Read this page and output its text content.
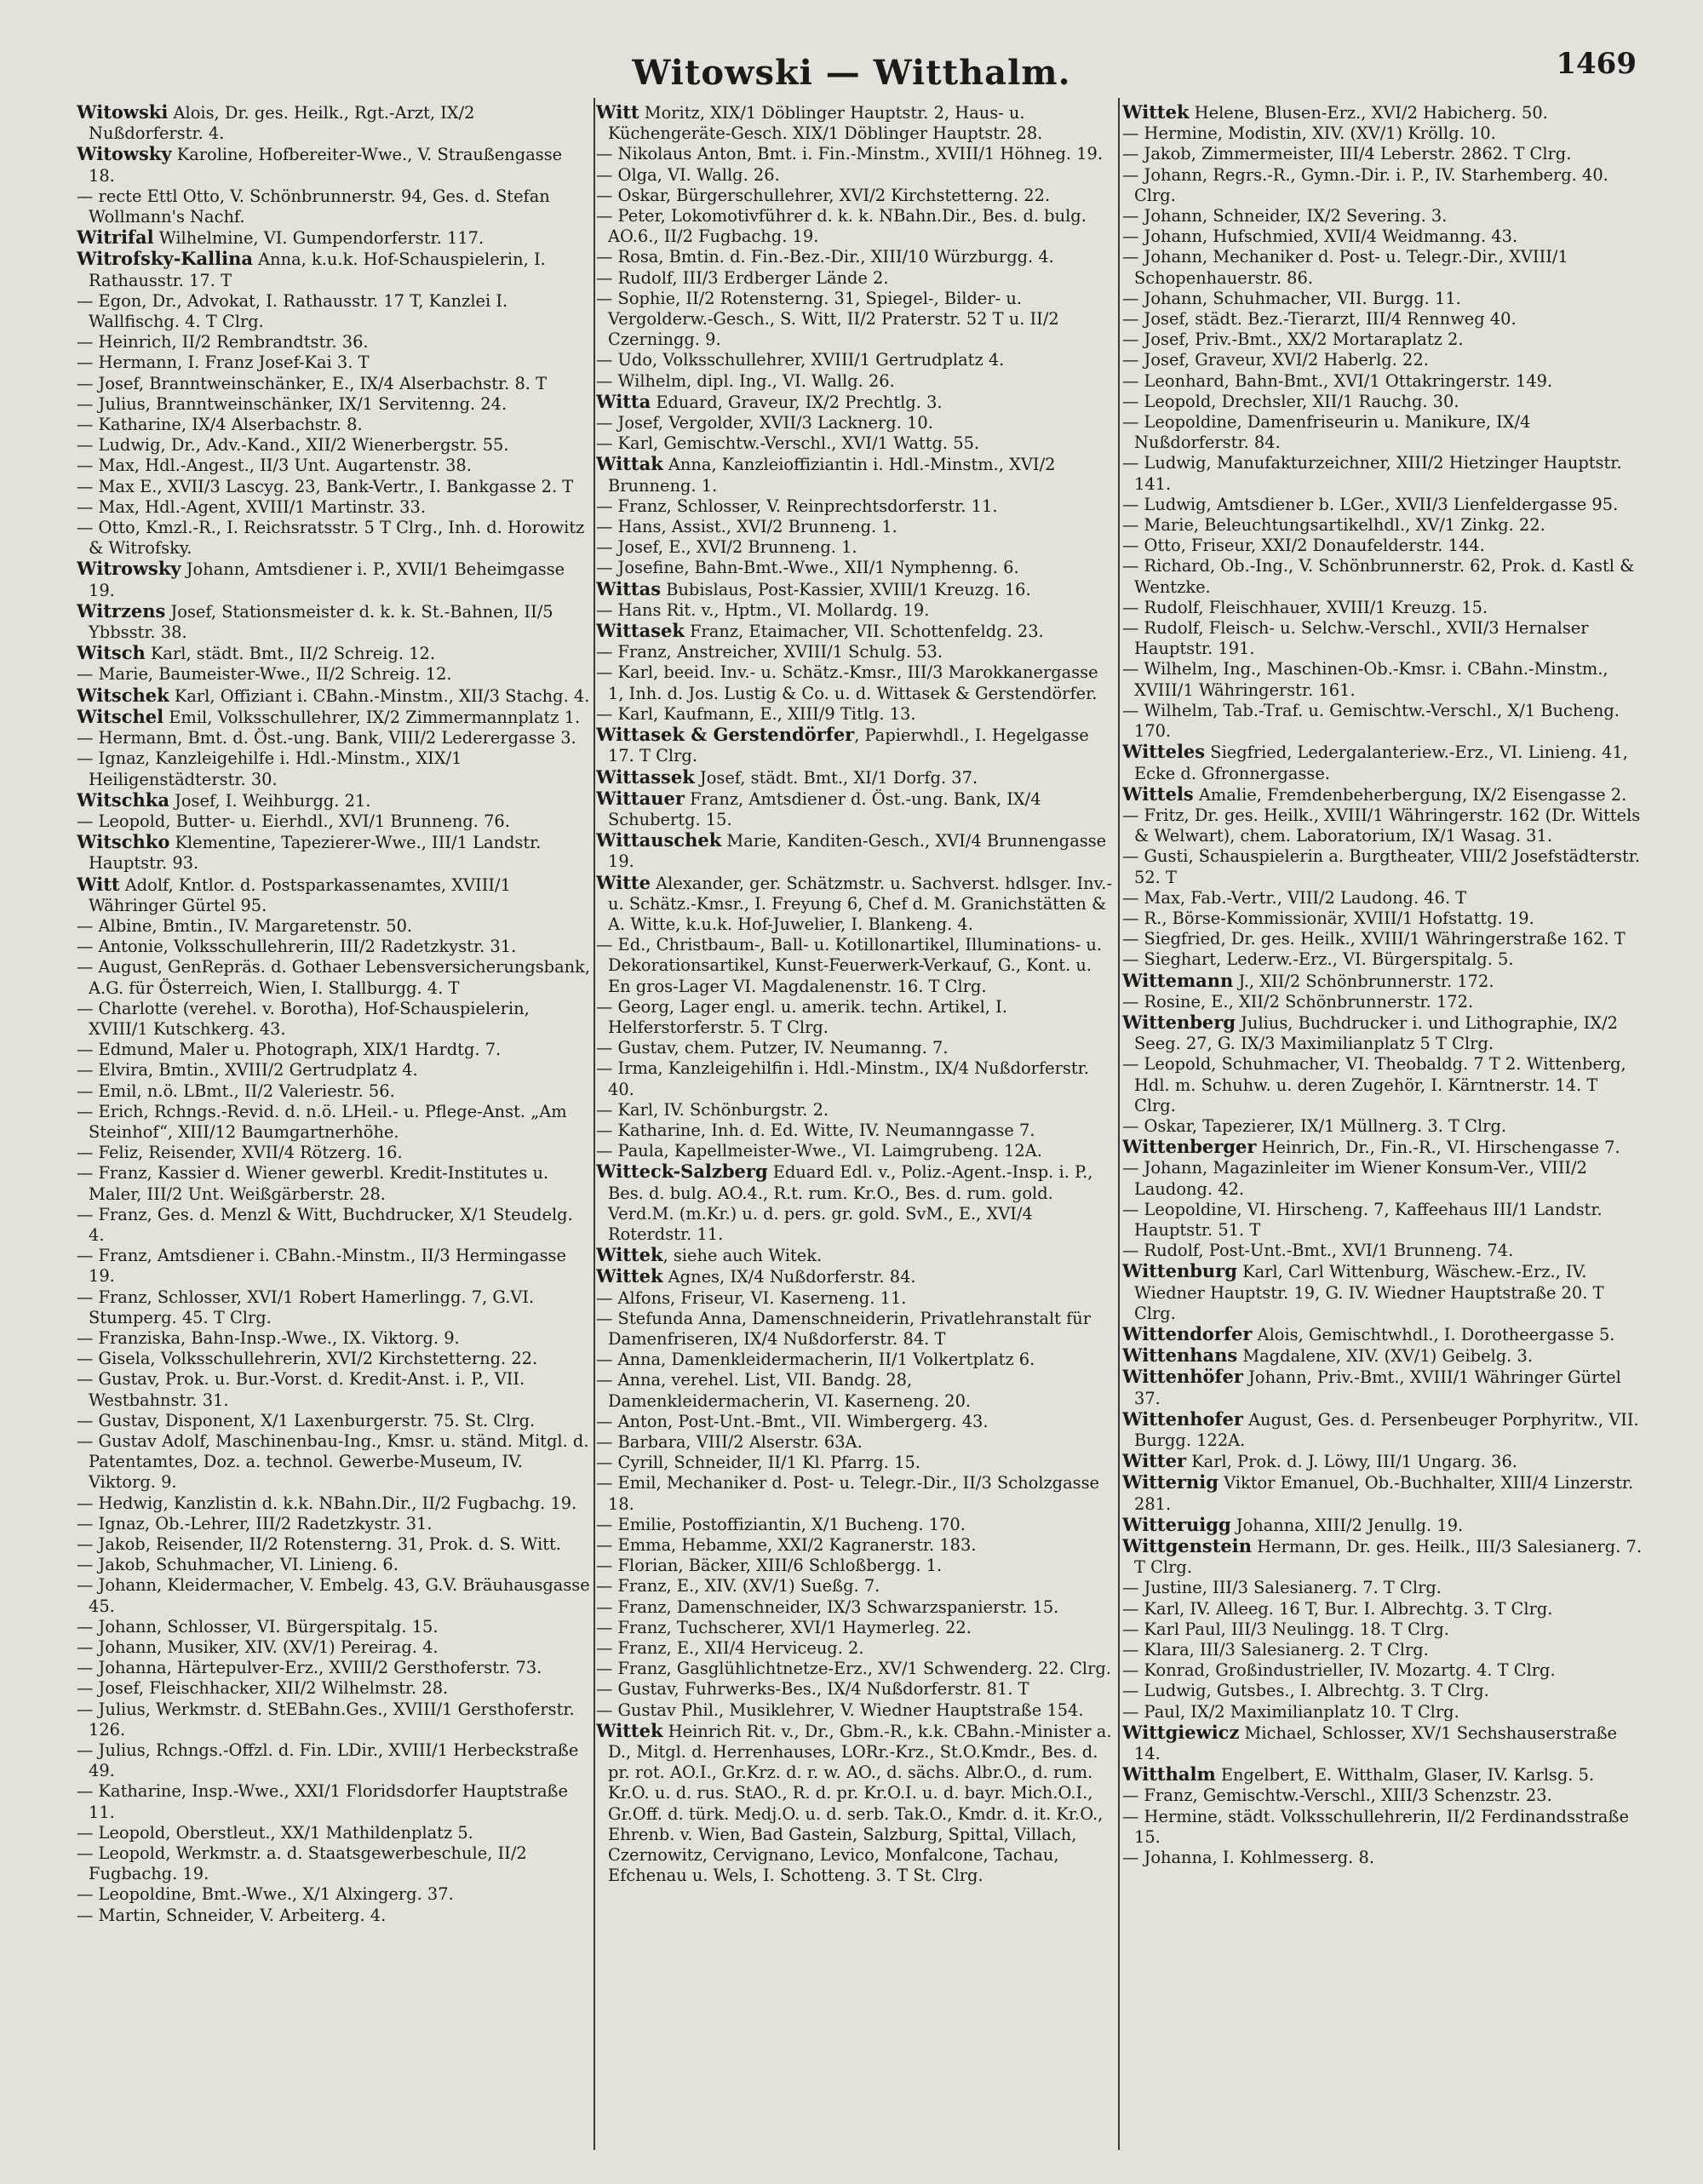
Witowski — Witthalm.	1469
Witowski Alois, Dr. ges. Heilk., Rgt.-Arzt, IX/2 Nußdorferstr. 4.
Witowsky Karoline, Hofbereiter-Wwe., V. Straußengasse 18.
— recte Ettl Otto, V. Schönbrunnerstr. 94, Ges. d. Stefan Wollmann's Nachf.
Witrifal Wilhelmine, VI. Gumpendorferstr. 117.
Witrofsky-Kallina Anna, k.u.k. Hof-Schauspielerin, I. Rathausstr. 17. T
— Egon, Dr., Advokat, I. Rathausstr. 17 T, Kanzlei I. Wallfischg. 4. T Clrg.
— Heinrich, II/2 Rembrandtstr. 36.
— Hermann, I. Franz Josef-Kai 3. T
— Josef, Branntweinschänker, E., IX/4 Alserbachstr. 8. T
— Julius, Branntweinschänker, IX/1 Servitenng. 24.
— Katharine, IX/4 Alserbachstr. 8.
— Ludwig, Dr., Adv.-Kand., XII/2 Wienerbergstr. 55.
— Max, Hdl.-Angest., II/3 Unt. Augartenstr. 38.
— Max E., XVII/3 Lascyg. 23, Bank-Vertr., I. Bankgasse 2. T
— Max, Hdl.-Agent, XVIII/1 Martinstr. 33.
— Otto, Kmzl.-R., I. Reichsratsstr. 5 T Clrg., Inh. d. Horowitz & Witrofsky.
Witrowsky Johann, Amtsdiener i. P., XVII/1 Beheimgasse 19.
Witrzens Josef, Stationsmeister d. k. k. St.-Bahnen, II/5 Ybbsstr. 38.
Witsch Karl, städt. Bmt., II/2 Schreig. 12.
— Marie, Baumeister-Wwe., II/2 Schreig. 12.
Witschek Karl, Offiziant i. CBahn.-Minstm., XII/3 Stachg. 4.
Witschel Emil, Volksschullehrer, IX/2 Zimmermannplatz 1.
— Hermann, Bmt. d. Öst.-ung. Bank, VIII/2 Lederergasse 3.
— Ignaz, Kanzleigehilfe i. Hdl.-Minstm., XIX/1 Heiligenstädterstr. 30.
Witschka Josef, I. Weihburgg. 21.
— Leopold, Butter- u. Eierhdl., XVI/1 Brunneng. 76.
Witschko Klementine, Tapezierer-Wwe., III/1 Landstr. Hauptstr. 93.
Witt Adolf, Kntlor. d. Postsparkassenamtes, XVIII/1 Währinger Gürtel 95.
— Albine, Bmtin., IV. Margaretenstr. 50.
— Antonie, Volksschullehrerin, III/2 Radetzkystr. 31.
— August, GenRepräs. d. Gothaer Lebensversicherungsbank, A.G. für Österreich, Wien, I. Stallburgg. 4. T
— Charlotte (verehel. v. Borotha), Hof-Schauspielerin, XVIII/1 Kutschkerg. 43.
— Edmund, Maler u. Photograph, XIX/1 Hardtg. 7.
— Elvira, Bmtin., XVIII/2 Gertrudplatz 4.
— Emil, n.ö. LBmt., II/2 Valeriestr. 56.
— Erich, Rchngs.-Revid. d. n.ö. LHeil.- u. Pflege-Anst. „Am Steinhof“, XIII/12 Baumgartnerhöhe.
— Feliz, Reisender, XVII/4 Rötzerg. 16.
— Franz, Kassier d. Wiener gewerbl. Kredit-Institutes u. Maler, III/2 Unt. Weißgärberstr. 28.
— Franz, Ges. d. Menzl & Witt, Buchdrucker, X/1 Steudelg. 4.
— Franz, Amtsdiener i. CBahn.-Minstm., II/3 Hermingasse 19.
— Franz, Schlosser, XVI/1 Robert Hamerlingg. 7, G.VI. Stumperg. 45. T Clrg.
— Franziska, Bahn-Insp.-Wwe., IX. Viktorg. 9.
— Gisela, Volksschullehrerin, XVI/2 Kirchstetterng. 22.
— Gustav, Prok. u. Bur.-Vorst. d. Kredit-Anst. i. P., VII. Westbahnstr. 31.
— Gustav, Disponent, X/1 Laxenburgerstr. 75. St. Clrg.
— Gustav Adolf, Maschinenbau-Ing., Kmsr. u. ständ. Mitgl. d. Patentamtes, Doz. a. technol. Gewerbe-Museum, IV. Viktorg. 9.
— Hedwig, Kanzlistin d. k.k. NBahn.Dir., II/2 Fugbachg. 19.
— Ignaz, Ob.-Lehrer, III/2 Radetzkystr. 31.
— Jakob, Reisender, II/2 Rotensterng. 31, Prok. d. S. Witt.
— Jakob, Schuhmacher, VI. Linieng. 6.
— Johann, Kleidermacher, V. Embelg. 43, G.V. Bräuhausgasse 45.
— Johann, Schlosser, VI. Bürgerspitalg. 15.
— Johann, Musiker, XIV. (XV/1) Pereirag. 4.
— Johanna, Härtepulver-Erz., XVIII/2 Gersthoferstr. 73.
— Josef, Fleischhacker, XII/2 Wilhelmstr. 28.
— Julius, Werkmstr. d. StEBahn.Ges., XVIII/1 Gersthoferstr. 126.
— Julius, Rchngs.-Offzl. d. Fin. LDir., XVIII/1 Herbeckstraße 49.
— Katharine, Insp.-Wwe., XXI/1 Floridsdorfer Hauptstraße 11.
— Leopold, Oberstleut., XX/1 Mathildenplatz 5.
— Leopold, Werkmstr. a. d. Staatsgewerbeschule, II/2 Fugbachg. 19.
— Leopoldine, Bmt.-Wwe., X/1 Alxingerg. 37.
— Martin, Schneider, V. Arbeiterg. 4.
Witt Moritz, XIX/1 Döblinger Hauptstr. 2, Haus- u. Küchengeräte-Gesch. XIX/1 Döblinger Hauptstr. 28.
— Nikolaus Anton, Bmt. i. Fin.-Minstm., XVIII/1 Höhneg. 19.
— Olga, VI. Wallg. 26.
— Oskar, Bürgerschullehrer, XVI/2 Kirchstetterng. 22.
— Peter, Lokomotivführer d. k. k. NBahn.Dir., Bes. d. bulg. AO.6., II/2 Fugbachg. 19.
— Rosa, Bmtin. d. Fin.-Bez.-Dir., XIII/10 Würzburgg. 4.
— Rudolf, III/3 Erdberger Lände 2.
— Sophie, II/2 Rotensterng. 31, Spiegel-, Bilder- u. Vergolderw.-Gesch., S. Witt, II/2 Praterstr. 52 T u. II/2 Czerningg. 9.
— Udo, Volksschullehrer, XVIII/1 Gertrudplatz 4.
— Wilhelm, dipl. Ing., VI. Wallg. 26.
Witta Eduard, Graveur, IX/2 Prechtlg. 3.
— Josef, Vergolder, XVII/3 Lacknerg. 10.
— Karl, Gemischtw.-Verschl., XVI/1 Wattg. 55.
Wittak Anna, Kanzleioffiziantin i. Hdl.-Minstm., XVI/2 Brunneng. 1.
— Franz, Schlosser, V. Reinprechtsdorferstr. 11.
— Hans, Assist., XVI/2 Brunneng. 1.
— Josef, E., XVI/2 Brunneng. 1.
— Josefine, Bahn-Bmt.-Wwe., XII/1 Nymphenng. 6.
Wittas Bubislaus, Post-Kassier, XVIII/1 Kreuzg. 16.
— Hans Rit. v., Hptm., VI. Mollardg. 19.
Wittasek Franz, Etaimacher, VII. Schottenfeldg. 23.
— Franz, Anstreicher, XVIII/1 Schulg. 53.
— Karl, beeid. Inv.- u. Schätz.-Kmsr., III/3 Marokkanergasse 1, Inh. d. Jos. Lustig & Co. u. d. Wittasek & Gerstendörfer.
— Karl, Kaufmann, E., XIII/9 Titlg. 13.
Wittasek & Gerstendörfer, Papierwhdl., I. Hegelgasse 17. T Clrg.
Wittassek Josef, städt. Bmt., XI/1 Dorfg. 37.
Wittauer Franz, Amtsdiener d. Öst.-ung. Bank, IX/4 Schubertg. 15.
Wittauschek Marie, Kanditen-Gesch., XVI/4 Brunnengasse 19.
Witte Alexander, ger. Schätzmstr. u. Sachverst. hdlsger. Inv.- u. Schätz.-Kmsr., I. Freyung 6, Chef d. M. Granichstätten & A. Witte, k.u.k. Hof-Juwelier, I. Blankeng. 4.
— Ed., Christbaum-, Ball- u. Kotillonartikel, Illuminations- u. Dekorationsartikel, Kunst-Feuerwerk-Verkauf, G., Kont. u. En gros-Lager VI. Magdalenenstr. 16. T Clrg.
— Georg, Lager engl. u. amerik. techn. Artikel, I. Helferstorferstr. 5. T Clrg.
— Gustav, chem. Putzer, IV. Neumanng. 7.
— Irma, Kanzleigehilfin i. Hdl.-Minstm., IX/4 Nußdorferstr. 40.
— Karl, IV. Schönburgstr. 2.
— Katharine, Inh. d. Ed. Witte, IV. Neumanngasse 7.
— Paula, Kapellmeister-Wwe., VI. Laimgrubeng. 12A.
Witteck-Salzberg Eduard Edl. v., Poliz.-Agent.-Insp. i. P., Bes. d. bulg. AO.4., R.t. rum. Kr.O., Bes. d. rum. gold. Verd.M. (m.Kr.) u. d. pers. gr. gold. SvM., E., XVI/4 Roterdstr. 11.
Wittek, siehe auch Witek.
Wittek Agnes, IX/4 Nußdorferstr. 84.
— Alfons, Friseur, VI. Kaserneng. 11.
— Stefunda Anna, Damenschneiderin, Privatlehranstalt für Damenfriseren, IX/4 Nußdorferstr. 84. T
— Anna, Damenkleidermacherin, II/1 Volkertplatz 6.
— Anna, verehel. List, VII. Bandg. 28, Damenkleidermacherin, VI. Kaserneng. 20.
— Anton, Post-Unt.-Bmt., VII. Wimbergerg. 43.
— Barbara, VIII/2 Alserstr. 63A.
— Cyrill, Schneider, II/1 Kl. Pfarrg. 15.
— Emil, Mechaniker d. Post- u. Telegr.-Dir., II/3 Scholzgasse 18.
— Emilie, Postoffiziantin, X/1 Bucheng. 170.
— Emma, Hebamme, XXI/2 Kagranerstr. 183.
— Florian, Bäcker, XIII/6 Schloßbergg. 1.
— Franz, E., XIV. (XV/1) Sueßg. 7.
— Franz, Damenschneider, IX/3 Schwarzspanierstr. 15.
— Franz, Tuchscherer, XVI/1 Haymerleg. 22.
— Franz, E., XII/4 Herviceug. 2.
— Franz, Gasglühlichtnetze-Erz., XV/1 Schwenderg. 22. Clrg.
— Gustav, Fuhrwerks-Bes., IX/4 Nußdorferstr. 81. T
— Gustav Phil., Musiklehrer, V. Wiedner Hauptstraße 154.
Wittek Heinrich Rit. v., Dr., Gbm.-R., k.k. CBahn.-Minister a. D., Mitgl. d. Herrenhauses, LORr.-Krz., St.O.Kmdr., Bes. d. pr. rot. AO.I., Gr.Krz. d. r. w. AO., d. sächs. Albr.O., d. rum. Kr.O. u. d. rus. StAO., R. d. pr. Kr.O.I. u. d. bayr. Mich.O.I., Gr.Off. d. türk. Medj.O. u. d. serb. Tak.O., Kmdr. d. it. Kr.O., Ehrenb. v. Wien, Bad Gastein, Salzburg, Spittal, Villach, Czernowitz, Cervignano, Levico, Monfalcone, Tachau, Efchenau u. Wels, I. Schotteng. 3. T St. Clrg.
Wittek Helene, Blusen-Erz., XVI/2 Habicherg. 50.
— Hermine, Modistin, XIV. (XV/1) Kröllg. 10.
— Jakob, Zimmermeister, III/4 Leberstr. 2862. T Clrg.
— Johann, Regrs.-R., Gymn.-Dir. i. P., IV. Starhemberg. 40. Clrg.
— Johann, Schneider, IX/2 Severing. 3.
— Johann, Hufschmied, XVII/4 Weidmanng. 43.
— Johann, Mechaniker d. Post- u. Telegr.-Dir., XVIII/1 Schopenhauerstr. 86.
— Johann, Schuhmacher, VII. Burgg. 11.
— Josef, städt. Bez.-Tierarzt, III/4 Rennweg 40.
— Josef, Priv.-Bmt., XX/2 Mortaraplatz 2.
— Josef, Graveur, XVI/2 Haberlg. 22.
— Leonhard, Bahn-Bmt., XVI/1 Ottakringerstr. 149.
— Leopold, Drechsler, XII/1 Rauchg. 30.
— Leopoldine, Damenfriseurin u. Manikure, IX/4 Nußdorferstr. 84.
— Ludwig, Manufakturzeichner, XIII/2 Hietzinger Hauptstr. 141.
— Ludwig, Amtsdiener b. LGer., XVII/3 Lienfeldergasse 95.
— Marie, Beleuchtungsartikelhdl., XV/1 Zinkg. 22.
— Otto, Friseur, XXI/2 Donaufelderstr. 144.
— Richard, Ob.-Ing., V. Schönbrunnerstr. 62, Prok. d. Kastl & Wentzke.
— Rudolf, Fleischhauer, XVIII/1 Kreuzg. 15.
— Rudolf, Fleisch- u. Selchw.-Verschl., XVII/3 Hernalser Hauptstr. 191.
— Wilhelm, Ing., Maschinen-Ob.-Kmsr. i. CBahn.-Minstm., XVIII/1 Währingerstr. 161.
— Wilhelm, Tab.-Traf. u. Gemischtw.-Verschl., X/1 Bucheng. 170.
Witteles Siegfried, Ledergalanteriew.-Erz., VI. Linieng. 41, Ecke d. Gfronnergasse.
Wittels Amalie, Fremdenbeherbergung, IX/2 Eisengasse 2.
— Fritz, Dr. ges. Heilk., XVIII/1 Währingerstr. 162 (Dr. Wittels & Welwart), chem. Laboratorium, IX/1 Wasag. 31.
— Gusti, Schauspielerin a. Burgtheater, VIII/2 Josefstädterstr. 52. T
— Max, Fab.-Vertr., VIII/2 Laudong. 46. T
— R., Börse-Kommissionär, XVIII/1 Hofstattg. 19.
— Siegfried, Dr. ges. Heilk., XVIII/1 Währingerstraße 162. T
— Sieghart, Lederw.-Erz., VI. Bürgerspitalg. 5.
Wittemann J., XII/2 Schönbrunnerstr. 172.
— Rosine, E., XII/2 Schönbrunnerstr. 172.
Wittenberg Julius, Buchdrucker i. und Lithographie, IX/2 Seeg. 27, G. IX/3 Maximilianplatz 5 T Clrg.
— Leopold, Schuhmacher, VI. Theobaldg. 7 T 2. Wittenberg, Hdl. m. Schuhw. u. deren Zugehör, I. Kärntnerstr. 14. T Clrg.
— Oskar, Tapezierer, IX/1 Müllnerg. 3. T Clrg.
Wittenberger Heinrich, Dr., Fin.-R., VI. Hirschengasse 7.
— Johann, Magazinleiter im Wiener Konsum-Ver., VIII/2 Laudong. 42.
— Leopoldine, VI. Hirscheng. 7, Kaffeehaus III/1 Landstr. Hauptstr. 51. T
— Rudolf, Post-Unt.-Bmt., XVI/1 Brunneng. 74.
Wittenburg Karl, Carl Wittenburg, Wäschew.-Erz., IV. Wiedner Hauptstr. 19, G. IV. Wiedner Hauptstraße 20. T Clrg.
Wittendorfer Alois, Gemischtwhdl., I. Dorotheergasse 5.
Wittenhans Magdalene, XIV. (XV/1) Geibelg. 3.
Wittenhöfer Johann, Priv.-Bmt., XVIII/1 Währinger Gürtel 37.
Wittenhofer August, Ges. d. Persenbeuger Porphyritw., VII. Burgg. 122A.
Witter Karl, Prok. d. J. Löwy, III/1 Ungarg. 36.
Witternig Viktor Emanuel, Ob.-Buchhalter, XIII/4 Linzerstr. 281.
Witteruigg Johanna, XIII/2 Jenullg. 19.
Wittgenstein Hermann, Dr. ges. Heilk., III/3 Salesianerg. 7. T Clrg.
— Justine, III/3 Salesianerg. 7. T Clrg.
— Karl, IV. Alleeg. 16 T, Bur. I. Albrechtg. 3. T Clrg.
— Karl Paul, III/3 Neulingg. 18. T Clrg.
— Klara, III/3 Salesianerg. 2. T Clrg.
— Konrad, Großindustrieller, IV. Mozartg. 4. T Clrg.
— Ludwig, Gutsbes., I. Albrechtg. 3. T Clrg.
— Paul, IX/2 Maximilianplatz 10. T Clrg.
Wittgiewicz Michael, Schlosser, XV/1 Sechshauserstraße 14.
Witthalm Engelbert, E. Witthalm, Glaser, IV. Karlsg. 5.
— Franz, Gemischtw.-Verschl., XIII/3 Schenzstr. 23.
— Hermine, städt. Volksschullehrerin, II/2 Ferdinandsstraße 15.
— Johanna, I. Kohlmesserg. 8.
